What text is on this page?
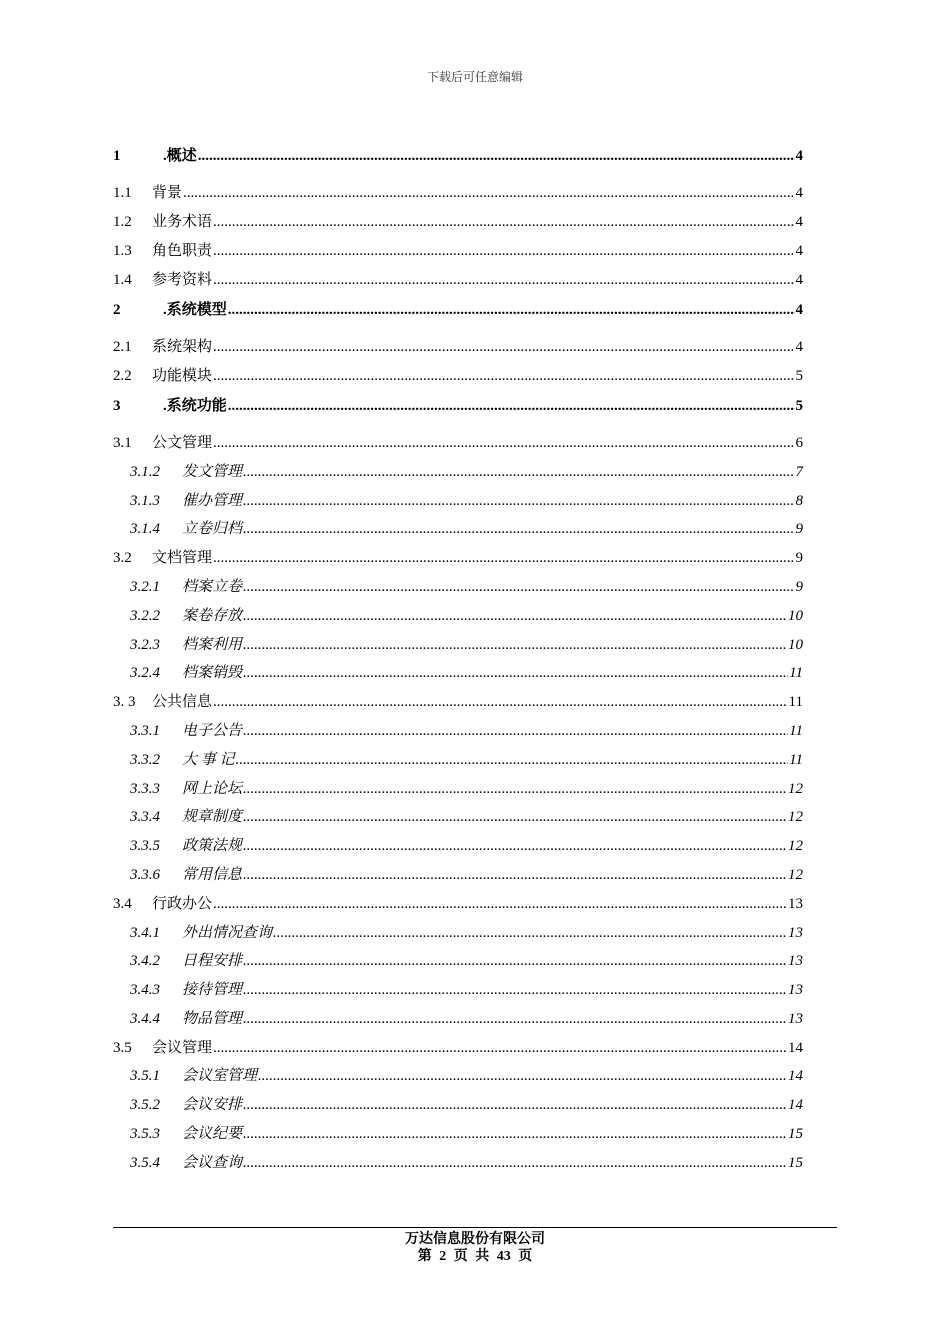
下载后可任意编辑
1	.概述 .....	4
1.1	背景 .....	4
1.2	业务术语 .....	4
1.3	角色职责 .....	4
1.4	参考资料 .....	4
2	.系统模型 .....	4
2.1	系统架构 .....	4
2.2	功能模块 .....	5
3	.系统功能 .....	5
3.1	公文管理 .....	6
3.1.2	发文管理 .....	7
3.1.3	催办管理 .....	8
3.1.4	立卷归档 .....	9
3.2	文档管理 .....	9
3.2.1	档案立卷 .....	9
3.2.2	案卷存放 .....	10
3.2.3	档案利用 .....	10
3.2.4	档案销毁 .....	11
3. 3	公共信息 .....	11
3.3.1	电子公告 .....	11
3.3.2	大 事 记 .....	11
3.3.3	网上论坛 .....	12
3.3.4	规章制度 .....	12
3.3.5	政策法规 .....	12
3.3.6	常用信息 .....	12
3.4	行政办公 .....	13
3.4.1	外出情况查询 .....	13
3.4.2	日程安排 .....	13
3.4.3	接待管理 .....	13
3.4.4	物品管理 .....	13
3.5	会议管理 .....	14
3.5.1	会议室管理 .....	14
3.5.2	会议安排 .....	14
3.5.3	会议纪要 .....	15
3.5.4	会议查询 .....	15
万达信息股份有限公司
第 2 页 共 43 页
